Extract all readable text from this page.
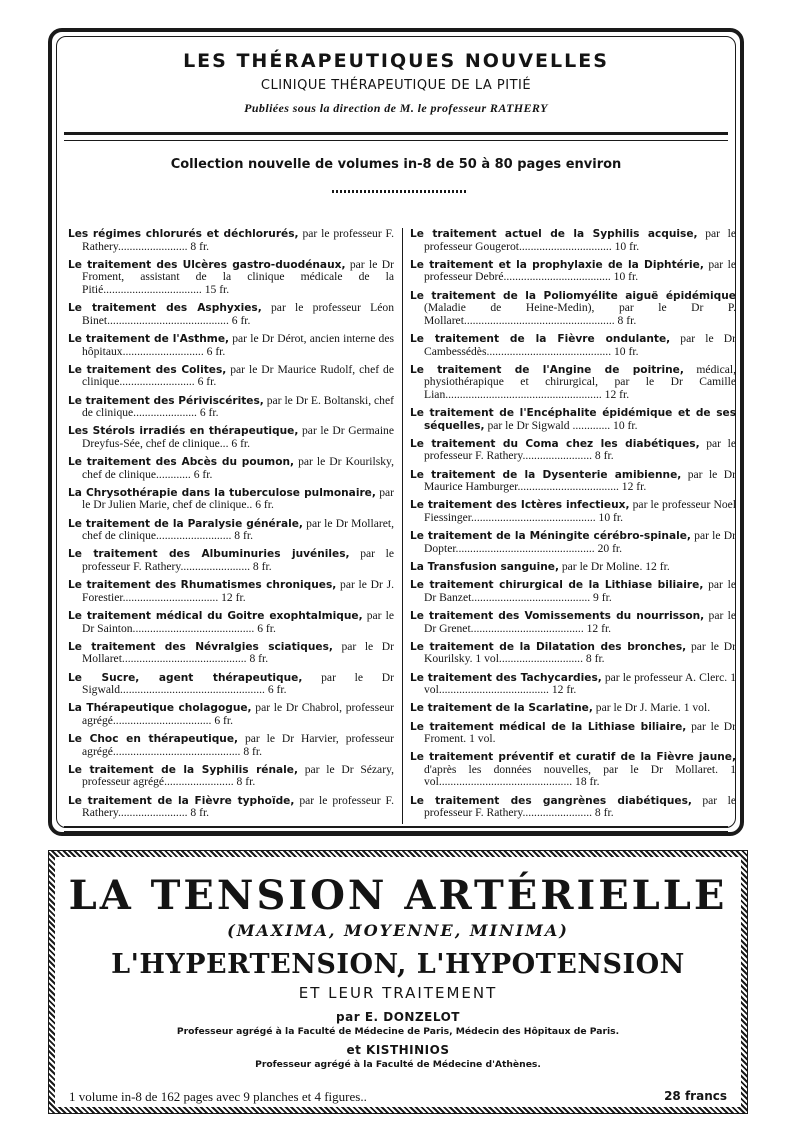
LES THÉRAPEUTIQUES NOUVELLES
CLINIQUE THÉRAPEUTIQUE DE LA PITIÉ
Publiées sous la direction de M. le professeur RATHERY
Collection nouvelle de volumes in-8 de 50 à 80 pages environ
Les régimes chlorurés et déchlorurés, par le professeur F. Rathery........................ 8 fr.
Le traitement des Ulcères gastro-duodénaux, par le Dr Froment, assistant de la clinique médicale de la Pitié.................................. 15 fr.
Le traitement des Asphyxies, par le professeur Léon Binet.......................................... 6 fr.
Le traitement de l'Asthme, par le Dr Dérot, ancien interne des hôpitaux............................ 6 fr.
Le traitement des Colites, par le Dr Maurice Rudolf, chef de clinique.......................... 6 fr.
Le traitement des Périviscérites, par le Dr E. Boltanski, chef de clinique...................... 6 fr.
Les Stérols irradiés en thérapeutique, par le Dr Germaine Dreyfus-Sée, chef de clinique... 6 fr.
Le traitement des Abcès du poumon, par le Dr Kourilsky, chef de clinique............ 6 fr.
La Chrysothérapie dans la tuberculose pulmonaire, par le Dr Julien Marie, chef de clinique.. 6 fr.
Le traitement de la Paralysie générale, par le Dr Mollaret, chef de clinique.......................... 8 fr.
Le traitement des Albuminuries juvéniles, par le professeur F. Rathery........................ 8 fr.
Le traitement des Rhumatismes chroniques, par le Dr J. Forestier................................. 12 fr.
Le traitement médical du Goitre exophtalmique, par le Dr Sainton.......................................... 6 fr.
Le traitement des Névralgies sciatiques, par le Dr Mollaret........................................... 8 fr.
Le Sucre, agent thérapeutique, par le Dr Sigwald.................................................. 6 fr.
La Thérapeutique cholagogue, par le Dr Chabrol, professeur agrégé.................................. 6 fr.
Le Choc en thérapeutique, par le Dr Harvier, professeur agrégé............................................ 8 fr.
Le traitement de la Syphilis rénale, par le Dr Sézary, professeur agrégé........................ 8 fr.
Le traitement de la Fièvre typhoïde, par le professeur F. Rathery........................ 8 fr.
Le traitement actuel de la Syphilis acquise, par le professeur Gougerot................................ 10 fr.
Le traitement et la prophylaxie de la Diphtérie, par le professeur Debré..................................... 10 fr.
Le traitement de la Poliomyélite aiguë épidémique (Maladie de Heine-Medin), par le Dr P. Mollaret.................................................... 8 fr.
Le traitement de la Fièvre ondulante, par le Dr Cambessédès........................................... 10 fr.
Le traitement de l'Angine de poitrine, médical, physiothérapique et chirurgical, par le Dr Camille Lian...................................................... 12 fr.
Le traitement de l'Encéphalite épidémique et de ses séquelles, par le Dr Sigwald ............. 10 fr.
Le traitement du Coma chez les diabétiques, par le professeur F. Rathery........................ 8 fr.
Le traitement de la Dysenterie amibienne, par le Dr Maurice Hamburger................................... 12 fr.
Le traitement des Ictères infectieux, par le professeur Noel Fiessinger........................................... 10 fr.
Le traitement de la Méningite cérébro-spinale, par le Dr Dopter................................................ 20 fr.
La Transfusion sanguine, par le Dr Moline. 12 fr.
Le traitement chirurgical de la Lithiase biliaire, par le Dr Banzet......................................... 9 fr.
Le traitement des Vomissements du nourrisson, par le Dr Grenet....................................... 12 fr.
Le traitement de la Dilatation des bronches, par le Dr Kourilsky. 1 vol............................. 8 fr.
Le traitement des Tachycardies, par le professeur A. Clerc. 1 vol...................................... 12 fr.
Le traitement de la Scarlatine, par le Dr J. Marie. 1 vol.
Le traitement médical de la Lithiase biliaire, par le Dr Froment. 1 vol.
Le traitement préventif et curatif de la Fièvre jaune, d'après les données nouvelles, par le Dr Mollaret. 1 vol.............................................. 18 fr.
Le traitement des gangrènes diabétiques, par le professeur F. Rathery........................ 8 fr.
LA TENSION ARTÉRIELLE
(MAXIMA, MOYENNE, MINIMA)
L'HYPERTENSION, L'HYPOTENSION
ET LEUR TRAITEMENT
par E. DONZELOT
Professeur agrégé à la Faculté de Médecine de Paris, Médecin des Hôpitaux de Paris.
et KISTHINIOS
Professeur agrégé à la Faculté de Médecine d'Athènes.
1 volume in-8 de 162 pages avec 9 planches et 4 figures..	28 francs
